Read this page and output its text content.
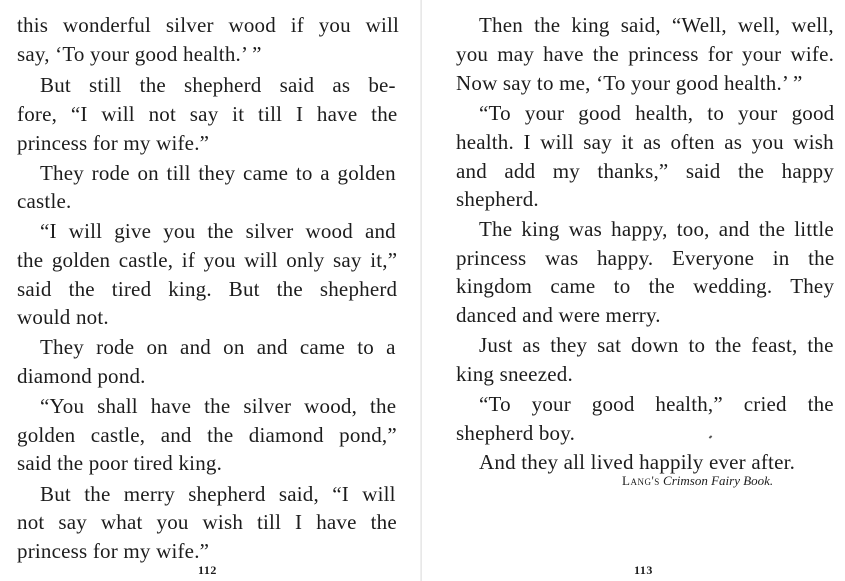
this wonderful silver wood if you will
say, ‘To your good health.’ ”
But still the shepherd said as be-
fore, “I will not say it till I have the
princess for my wife.”
They rode on till they came to a golden
castle.
“I will give you the silver wood and
the golden castle, if you will only say it,”
said the tired king. But the shepherd
would not.
They rode on and on and came to a
diamond pond.
“You shall have the silver wood, the
golden castle, and the diamond pond,”
said the poor tired king.
But the merry shepherd said, “I will
not say what you wish till I have the
princess for my wife.”
112
Then the king said, “Well, well, well,
you may have the princess for your wife.
Now say to me, ‘To your good health.’ ”
“To your good health, to your good
health. I will say it as often as you wish
and add my thanks,” said the happy
shepherd.
The king was happy, too, and the little
princess was happy. Everyone in the
kingdom came to the wedding. They
danced and were merry.
Just as they sat down to the feast, the
king sneezed.
“To your good health,” cried the
shepherd boy.
And they all lived happily ever after.
Lang's Crimson Fairy Book.
113
